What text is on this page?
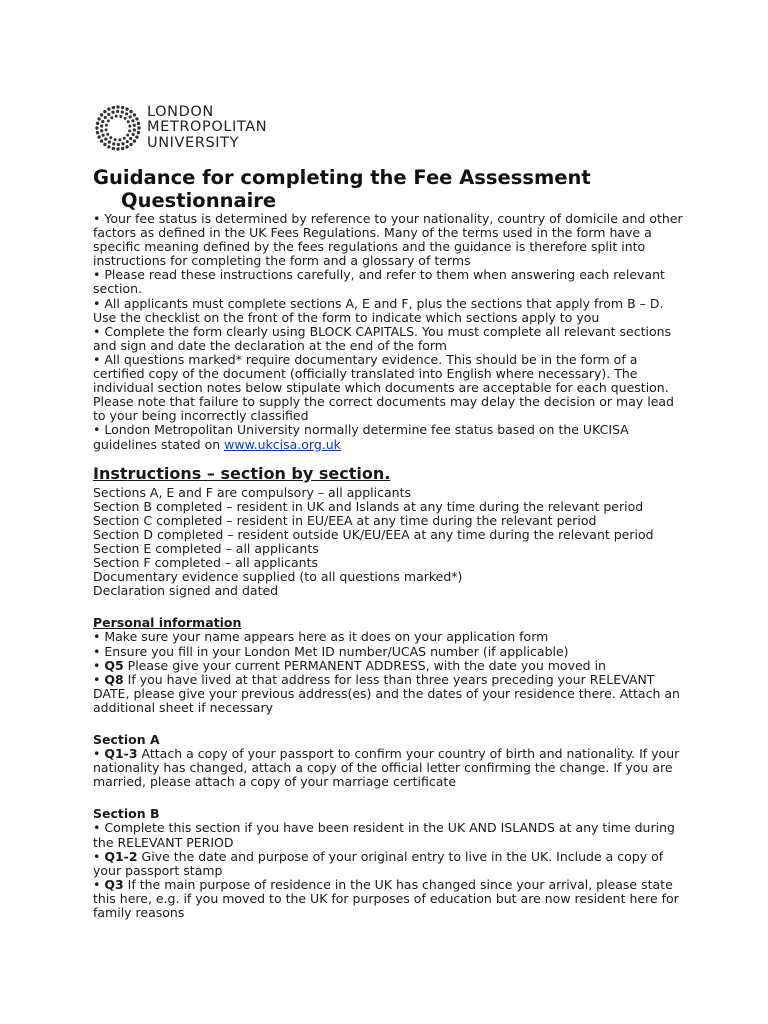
LONDON
METROPOLITAN
UNIVERSITY
Guidance for completing the Fee Assessment
Questionnaire

• Your fee status is determined by reference to your nationality, country of domicile and other factors as defined in the UK Fees Regulations. Many of the terms used in the form have a specific meaning defined by the fees regulations and the guidance is therefore split into instructions for completing the form and a glossary of terms

• Please read these instructions carefully, and refer to them when answering each relevant section.

• All applicants must complete sections A, E and F, plus the sections that apply from B – D. Use the checklist on the front of the form to indicate which sections apply to you

• Complete the form clearly using BLOCK CAPITALS. You must complete all relevant sections and sign and date the declaration at the end of the form

• All questions marked* require documentary evidence. This should be in the form of a certified copy of the document (officially translated into English where necessary). The individual section notes below stipulate which documents are acceptable for each question. Please note that failure to supply the correct documents may delay the decision or may lead to your being incorrectly classified

• London Metropolitan University normally determine fee status based on the UKCISA guidelines stated on www.ukcisa.org.uk

Instructions – section by section.

Sections A, E and F are compulsory – all applicants

Section B completed – resident in UK and Islands at any time during the relevant period

Section C completed – resident in EU/EEA at any time during the relevant period

Section D completed – resident outside UK/EU/EEA at any time during the relevant period

Section E completed – all applicants

Section F completed – all applicants

Documentary evidence supplied (to all questions marked*)

Declaration signed and dated

Personal information

• Make sure your name appears here as it does on your application form

• Ensure you fill in your London Met ID number/UCAS number (if applicable)

• Q5 Please give your current PERMANENT ADDRESS, with the date you moved in

• Q8 If you have lived at that address for less than three years preceding your RELEVANT DATE, please give your previous address(es) and the dates of your residence there. Attach an additional sheet if necessary

Section A

• Q1-3 Attach a copy of your passport to confirm your country of birth and nationality. If your nationality has changed, attach a copy of the official letter confirming the change. If you are married, please attach a copy of your marriage certificate

Section B

• Complete this section if you have been resident in the UK AND ISLANDS at any time during the RELEVANT PERIOD

• Q1-2 Give the date and purpose of your original entry to live in the UK. Include a copy of your passport stamp

• Q3 If the main purpose of residence in the UK has changed since your arrival, please state this here, e.g. if you moved to the UK for purposes of education but are now resident here for family reasons
